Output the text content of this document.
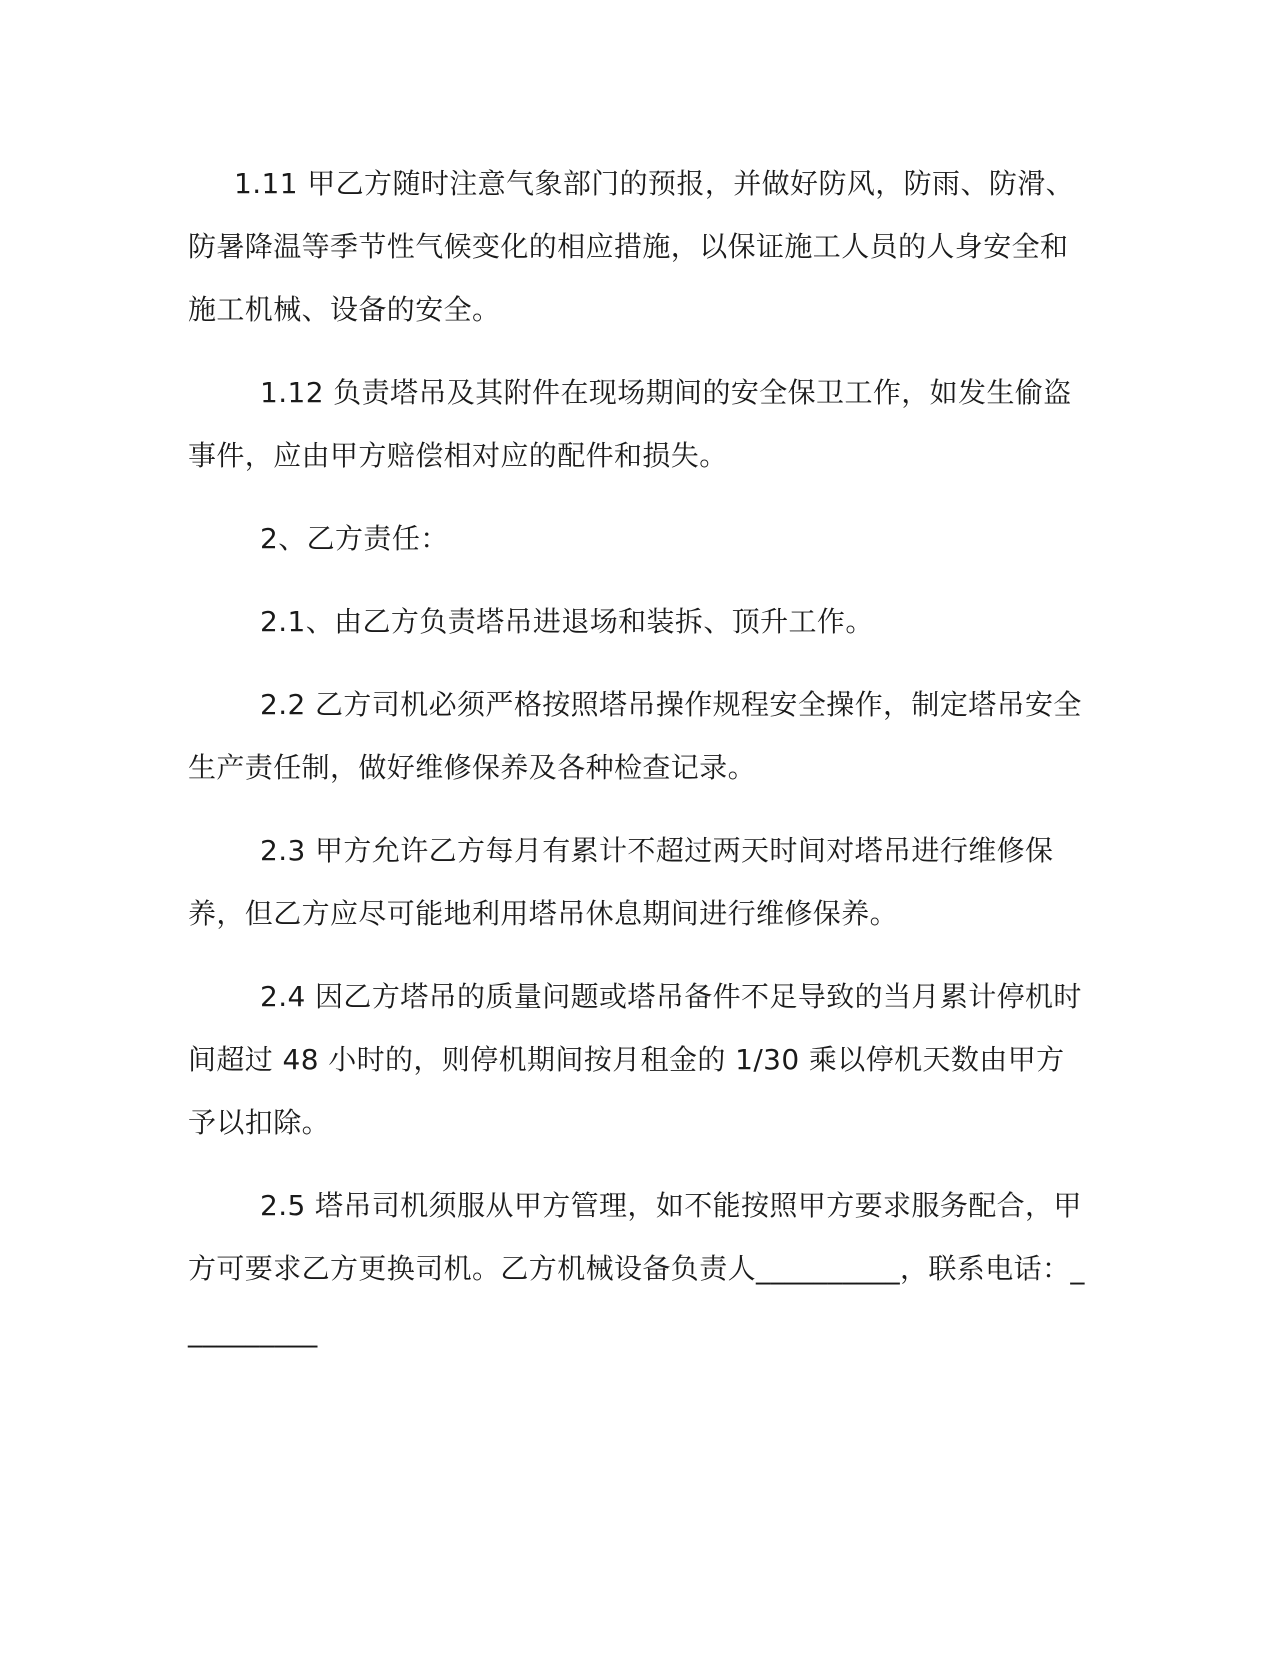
1.11 甲乙方随时注意气象部门的预报，并做好防风，防雨、防滑、防暑降温等季节性气候变化的相应措施，以保证施工人员的人身安全和施工机械、设备的安全。

1.12 负责塔吊及其附件在现场期间的安全保卫工作，如发生偷盗事件，应由甲方赔偿相对应的配件和损失。

2、乙方责任：

2.1、由乙方负责塔吊进退场和装拆、顶升工作。

2.2 乙方司机必须严格按照塔吊操作规程安全操作，制定塔吊安全生产责任制，做好维修保养及各种检查记录。

2.3 甲方允许乙方每月有累计不超过两天时间对塔吊进行维修保养，但乙方应尽可能地利用塔吊休息期间进行维修保养。

2.4 因乙方塔吊的质量问题或塔吊备件不足导致的当月累计停机时间超过 48 小时的，则停机期间按月租金的 1/30 乘以停机天数由甲方予以扣除。

2.5 塔吊司机须服从甲方管理，如不能按照甲方要求服务配合，甲方可要求乙方更换司机。乙方机械设备负责人__________，联系电话：__________
